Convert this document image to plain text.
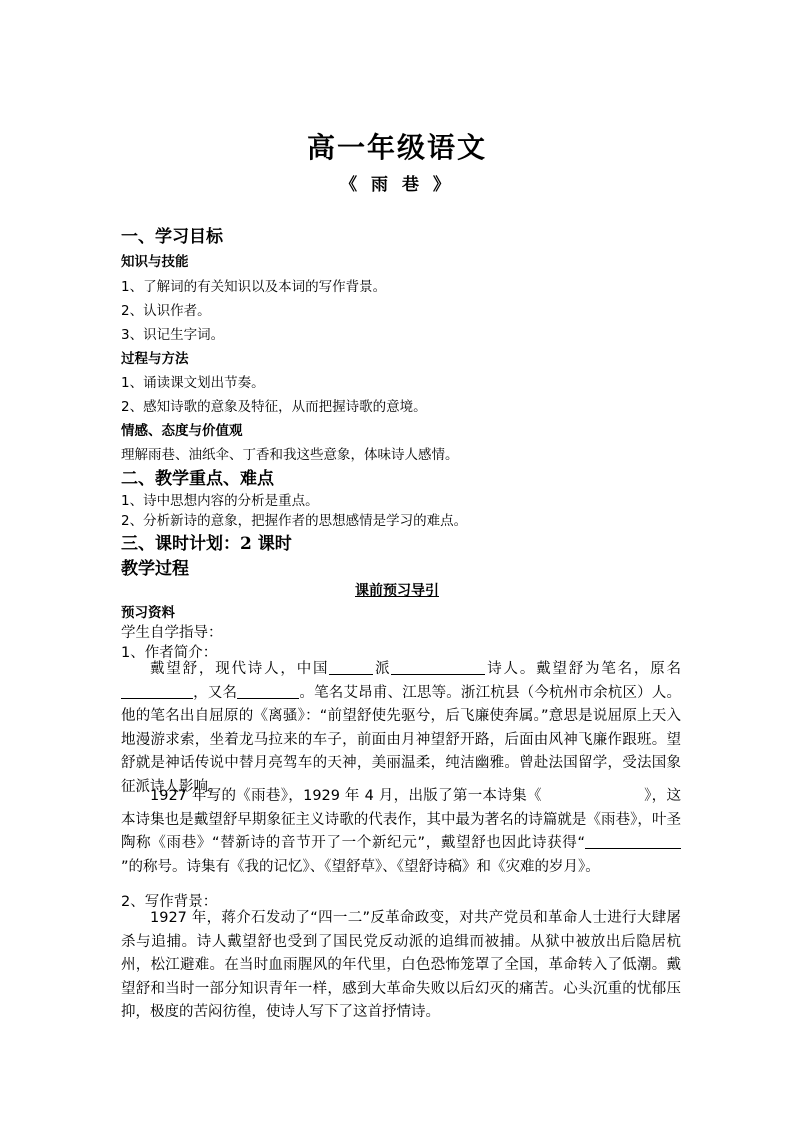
高一年级语文
《 雨 巷 》
一、学习目标
知识与技能
1、了解词的有关知识以及本词的写作背景。
2、认识作者。
3、识记生字词。
过程与方法
1、诵读课文划出节奏。
2、感知诗歌的意象及特征，从而把握诗歌的意境。
情感、态度与价值观
理解雨巷、油纸伞、丁香和我这些意象，体味诗人感情。
二、教学重点、难点
1、诗中思想内容的分析是重点。
2、分析新诗的意象，把握作者的思想感情是学习的难点。
三、课时计划：2 课时
教学过程
课前预习导引
预习资料
学生自学指导：
1、作者简介：
戴望舒，现代诗人，中国	派	诗人。戴望舒为笔名，原名，又名	。笔名艾昂甫、江思等。浙江杭县（今杭州市余杭区）人。他的笔名出自屈原的《离骚》：“前望舒使先驱兮，后飞廉使奔属。”意思是说屈原上天入地漫游求索，坐着龙马拉来的车子，前面由月神望舒开路，后面由风神飞廉作跟班。望舒就是神话传说中替月亮驾车的天神，美丽温柔，纯洁幽雅。曾赴法国留学，受法国象征派诗人影响。
1927 年写的《雨巷》，1929 年 4 月，出版了第一本诗集《	》，这本诗集也是戴望舒早期象征主义诗歌的代表作，其中最为著名的诗篇就是《雨巷》，叶圣陶称《雨巷》“替新诗的音节开了一个新纪元”，戴望舒也因此诗获得“”的称号。诗集有《我的记忆》、《望舒草》、《望舒诗稿》和《灾难的岁月》。
2、写作背景：
1927 年，蒋介石发动了“四一二”反革命政变，对共产党员和革命人士进行大肆屠杀与追捕。诗人戴望舒也受到了国民党反动派的追缉而被捕。从狱中被放出后隐居杭州，松江避难。在当时血雨腥风的年代里，白色恐怖笼罩了全国，革命转入了低潮。戴望舒和当时一部分知识青年一样，感到大革命失败以后幻灭的痛苦。心头沉重的忧郁压抑，极度的苦闷彷徨，使诗人写下了这首抒情诗。
